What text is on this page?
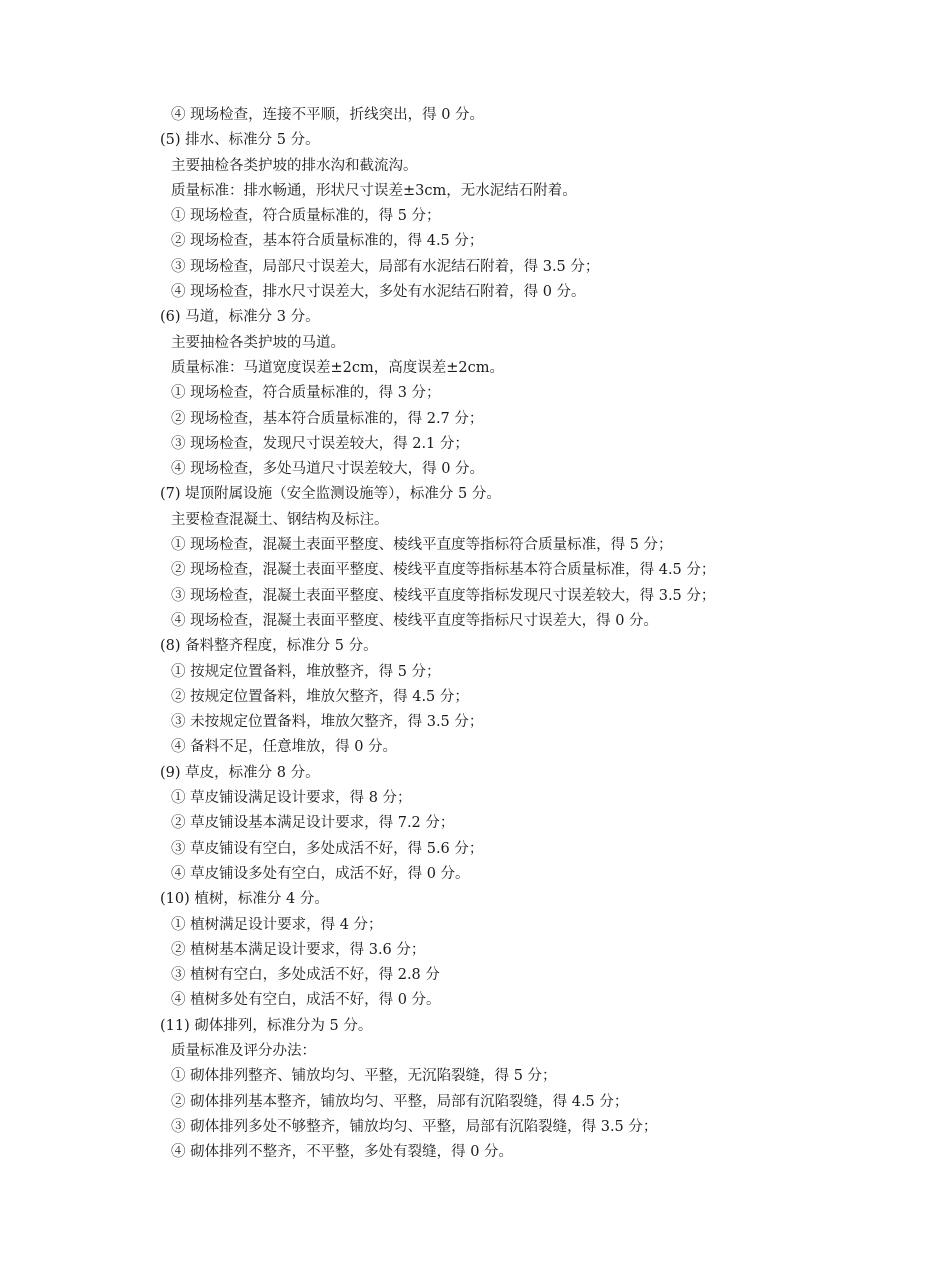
④ 现场检查，连接不平顺，折线突出，得 0 分。
(5) 排水、标准分 5 分。
主要抽检各类护坡的排水沟和截流沟。
质量标准：排水畅通，形状尺寸误差±3cm，无水泥结石附着。
① 现场检查，符合质量标准的，得 5 分；
② 现场检查，基本符合质量标准的，得 4.5 分；
③ 现场检查，局部尺寸误差大，局部有水泥结石附着，得 3.5 分；
④ 现场检查，排水尺寸误差大，多处有水泥结石附着，得 0 分。
(6) 马道，标准分 3 分。
主要抽检各类护坡的马道。
质量标准：马道宽度误差±2cm，高度误差±2cm。
① 现场检查，符合质量标准的，得 3 分；
② 现场检查，基本符合质量标准的，得 2.7 分；
③ 现场检查，发现尺寸误差较大，得 2.1 分；
④ 现场检查，多处马道尺寸误差较大，得 0 分。
(7) 堤顶附属设施（安全监测设施等），标准分 5 分。
主要检查混凝土、钢结构及标注。
① 现场检查，混凝土表面平整度、棱线平直度等指标符合质量标准，得 5 分；
② 现场检查，混凝土表面平整度、棱线平直度等指标基本符合质量标准，得 4.5 分；
③ 现场检查，混凝土表面平整度、棱线平直度等指标发现尺寸误差较大，得 3.5 分；
④ 现场检查，混凝土表面平整度、棱线平直度等指标尺寸误差大，得 0 分。
(8) 备料整齐程度，标准分 5 分。
① 按规定位置备料，堆放整齐，得 5 分；
② 按规定位置备料，堆放欠整齐，得 4.5 分；
③ 未按规定位置备料，堆放欠整齐，得 3.5 分；
④ 备料不足，任意堆放，得 0 分。
(9) 草皮，标准分 8 分。
① 草皮铺设满足设计要求，得 8 分；
② 草皮铺设基本满足设计要求，得 7.2 分；
③ 草皮铺设有空白，多处成活不好，得 5.6 分；
④ 草皮铺设多处有空白，成活不好，得 0 分。
(10) 植树，标准分 4 分。
① 植树满足设计要求，得 4 分；
② 植树基本满足设计要求，得 3.6 分；
③ 植树有空白，多处成活不好，得 2.8 分
④ 植树多处有空白，成活不好，得 0 分。
(11) 砌体排列，标准分为 5 分。
质量标准及评分办法：
① 砌体排列整齐、铺放均匀、平整，无沉陷裂缝，得 5 分；
② 砌体排列基本整齐，铺放均匀、平整，局部有沉陷裂缝，得 4.5 分；
③ 砌体排列多处不够整齐，铺放均匀、平整，局部有沉陷裂缝，得 3.5 分；
④ 砌体排列不整齐，不平整，多处有裂缝，得 0 分。
